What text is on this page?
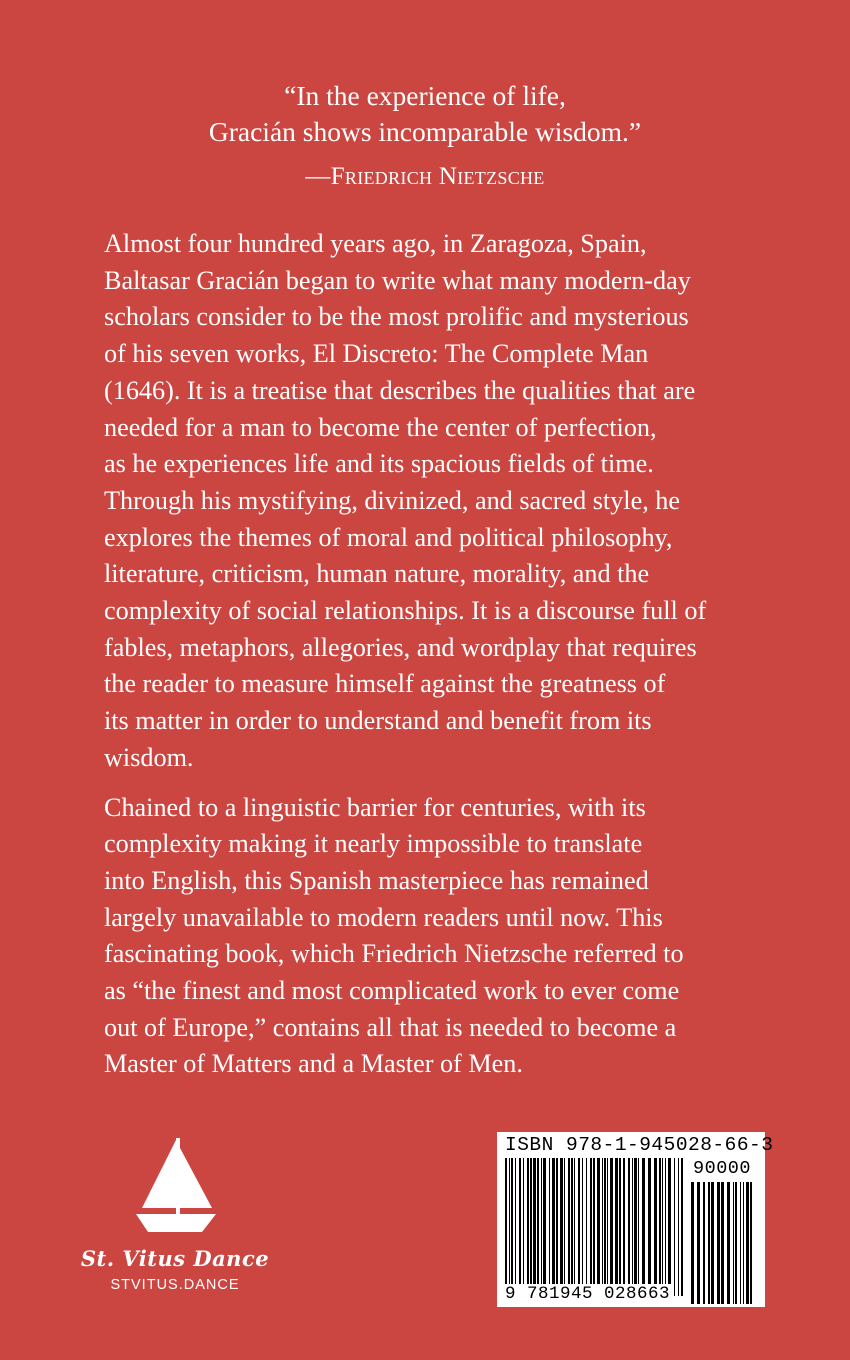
“In the experience of life,
Gracián shows incomparable wisdom.”
—Friedrich Nietzsche

Almost four hundred years ago, in Zaragoza, Spain,
Baltasar Gracián began to write what many modern-day
scholars consider to be the most prolific and mysterious
of his seven works, El Discreto: The Complete Man
(1646). It is a treatise that describes the qualities that are
needed for a man to become the center of perfection,
as he experiences life and its spacious fields of time.
Through his mystifying, divinized, and sacred style, he
explores the themes of moral and political philosophy,
literature, criticism, human nature, morality, and the
complexity of social relationships. It is a discourse full of
fables, metaphors, allegories, and wordplay that requires
the reader to measure himself against the greatness of
its matter in order to understand and benefit from its
wisdom.

Chained to a linguistic barrier for centuries, with its
complexity making it nearly impossible to translate
into English, this Spanish masterpiece has remained
largely unavailable to modern readers until now. This
fascinating book, which Friedrich Nietzsche referred to
as “the finest and most complicated work to ever come
out of Europe,” contains all that is needed to become a
Master of Matters and a Master of Men.

St. Vitus Dance
STVITUS.DANCE
ISBN 978-1-945028-66-3
90000
9 781945 028663
